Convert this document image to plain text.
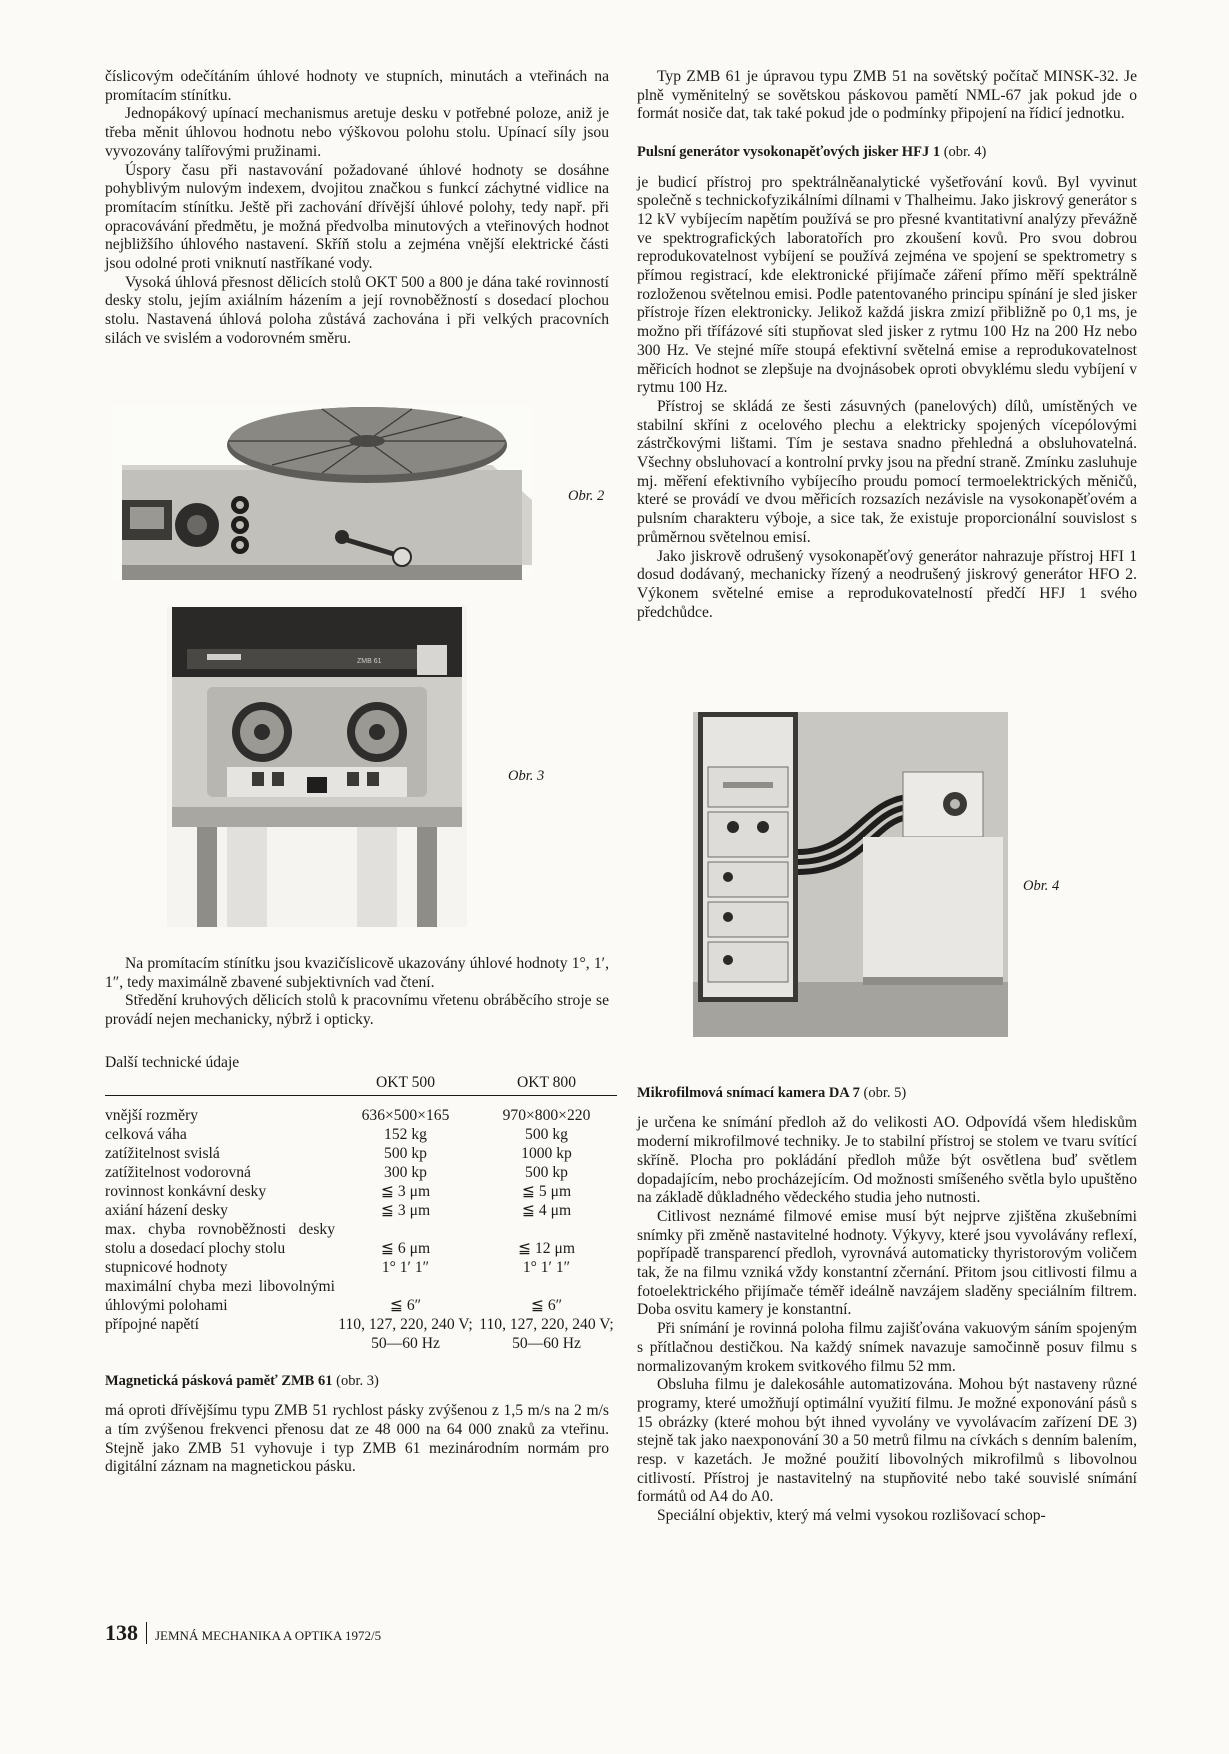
číslicovým odečítáním úhlové hodnoty ve stupních, minutách a vteřinách na promítacím stínítku.

Jednopákový upínací mechanismus aretuje desku v potřebné poloze, aniž je třeba měnit úhlovou hodnotu nebo výškovou polohu stolu. Upínací síly jsou vyvozovány talířovými pružinami.

Úspory času při nastavování požadované úhlové hodnoty se dosáhne pohyblivým nulovým indexem, dvojitou značkou s funkcí záchytné vidlice na promítacím stínítku. Ještě při zachování dřívější úhlové polohy, tedy např. při opracovávání předmětu, je možná předvolba minutových a vteřinových hodnot nejbližšího úhlového nastavení. Skříň stolu a zejména vnější elektrické části jsou odolné proti vniknutí nastříkané vody.

Vysoká úhlová přesnost dělicích stolů OKT 500 a 800 je dána také rovinností desky stolu, jejím axiálním házením a její rovnoběžností s dosedací plochou stolu. Nastavená úhlová poloha zůstává zachována i při velkých pracovních silách ve svislém a vodorovném směru.

Obr. 2
ZMB 61
Obr. 3

Na promítacím stínítku jsou kvazičíslicově ukazovány úhlové hodnoty 1°, 1′, 1″, tedy maximálně zbavené subjektivních vad čtení.

Středění kruhových dělicích stolů k pracovnímu vřetenu obráběcího stroje se provádí nejen mechanicky, nýbrž i opticky.

Další technické údaje
	OKT 500	OKT 800
vnější rozměry	636×500×165	970×800×220
celková váha	152 kg	500 kg
zatížitelnost svislá	500 kp	1000 kp
zatížitelnost vodorovná	300 kp	500 kp
rovinnost konkávní desky	≦ 3 μm	≦ 5 μm
axiání házení desky	≦ 3 μm	≦ 4 μm
max. chyba rovnoběžnosti desky stolu a dosedací plochy stolu	≦ 6 μm	≦ 12 μm
stupnicové hodnoty	1° 1′ 1″	1° 1′ 1″
maximální chyba mezi libovolnými úhlovými polohami	≦ 6″	≦ 6″
přípojné napětí	110, 127, 220, 240 V; 50—60 Hz	110, 127, 220, 240 V; 50—60 Hz
Magnetická pásková paměť ZMB 61 (obr. 3)

má oproti dřívějšímu typu ZMB 51 rychlost pásky zvýšenou z 1,5 m/s na 2 m/s a tím zvýšenou frekvenci přenosu dat ze 48 000 na 64 000 znaků za vteřinu. Stejně jako ZMB 51 vyhovuje i typ ZMB 61 mezinárodním normám pro digitální záznam na magnetickou pásku.

Typ ZMB 61 je úpravou typu ZMB 51 na sovětský počítač MINSK-32. Je plně vyměnitelný se sovětskou páskovou pamětí NML-67 jak pokud jde o formát nosiče dat, tak také pokud jde o podmínky připojení na řídicí jednotku.

Pulsní generátor vysokonapěťových jisker HFJ 1 (obr. 4)

je budicí přístroj pro spektrálněanalytické vyšetřování kovů. Byl vyvinut společně s technickofyzikálními dílnami v Thalheimu. Jako jiskrový generátor s 12 kV vybíjecím napětím používá se pro přesné kvantitativní analýzy převážně ve spektrografických laboratořích pro zkoušení kovů. Pro svou dobrou reprodukovatelnost vybíjení se používá zejména ve spojení se spektrometry s přímou registrací, kde elektronické přijímače záření přímo měří spektrálně rozloženou světelnou emisi. Podle patentovaného principu spínání je sled jisker přístroje řízen elektronicky. Jelikož každá jiskra zmizí přibližně po 0,1 ms, je možno při třífázové síti stupňovat sled jisker z rytmu 100 Hz na 200 Hz nebo 300 Hz. Ve stejné míře stoupá efektivní světelná emise a reprodukovatelnost měřicích hodnot se zlepšuje na dvojnásobek oproti obvyklému sledu vybíjení v rytmu 100 Hz.

Přístroj se skládá ze šesti zásuvných (panelových) dílů, umístěných ve stabilní skříni z ocelového plechu a elektricky spojených vícepólovými zástrčkovými lištami. Tím je sestava snadno přehledná a obsluhovatelná. Všechny obsluhovací a kontrolní prvky jsou na přední straně. Zmínku zasluhuje mj. měření efektivního vybíjecího proudu pomocí termoelektrických měničů, které se provádí ve dvou měřicích rozsazích nezávisle na vysokonapěťovém a pulsním charakteru výboje, a sice tak, že existuje proporcionální souvislost s průměrnou světelnou emisí.

Jako jiskrově odrušený vysokonapěťový generátor nahrazuje přístroj HFI 1 dosud dodávaný, mechanicky řízený a neodrušený jiskrový generátor HFO 2. Výkonem světelné emise a reprodukovatelností předčí HFJ 1 svého předchůdce.

Obr. 4
Mikrofilmová snímací kamera DA 7 (obr. 5)

je určena ke snímání předloh až do velikosti AO. Odpovídá všem hlediskům moderní mikrofilmové techniky. Je to stabilní přístroj se stolem ve tvaru svítící skříně. Plocha pro pokládání předloh může být osvětlena buď světlem dopadajícím, nebo procházejícím. Od možnosti smíšeného světla bylo upuštěno na základě důkladného vědeckého studia jeho nutnosti.

Citlivost neznámé filmové emise musí být nejprve zjištěna zkušebními snímky při změně nastavitelné hodnoty. Výkyvy, které jsou vyvolávány reflexí, popřípadě transparencí předloh, vyrovnává automaticky thyristorovým voličem tak, že na filmu vzniká vždy konstantní zčernání. Přitom jsou citlivosti filmu a fotoelektrického přijímače téměř ideálně navzájem sladěny speciálním filtrem. Doba osvitu kamery je konstantní.

Při snímání je rovinná poloha filmu zajišťována vakuovým sáním spojeným s přítlačnou destičkou. Na každý snímek navazuje samočinně posuv filmu s normalizovaným krokem svitkového filmu 52 mm.

Obsluha filmu je dalekosáhle automatizována. Mohou být nastaveny různé programy, které umožňují optimální využití filmu. Je možné exponování pásů s 15 obrázky (které mohou být ihned vyvolány ve vyvolávacím zařízení DE 3) stejně tak jako naexponování 30 a 50 metrů filmu na cívkách s denním balením, resp. v kazetách. Je možné použití libovolných mikrofilmů s libovolnou citlivostí. Přístroj je nastavitelný na stupňovité nebo také souvislé snímání formátů od A4 do A0.

Speciální objektiv, který má velmi vysokou rozlišovací schop-

138 JEMNÁ MECHANIKA A OPTIKA 1972/5
